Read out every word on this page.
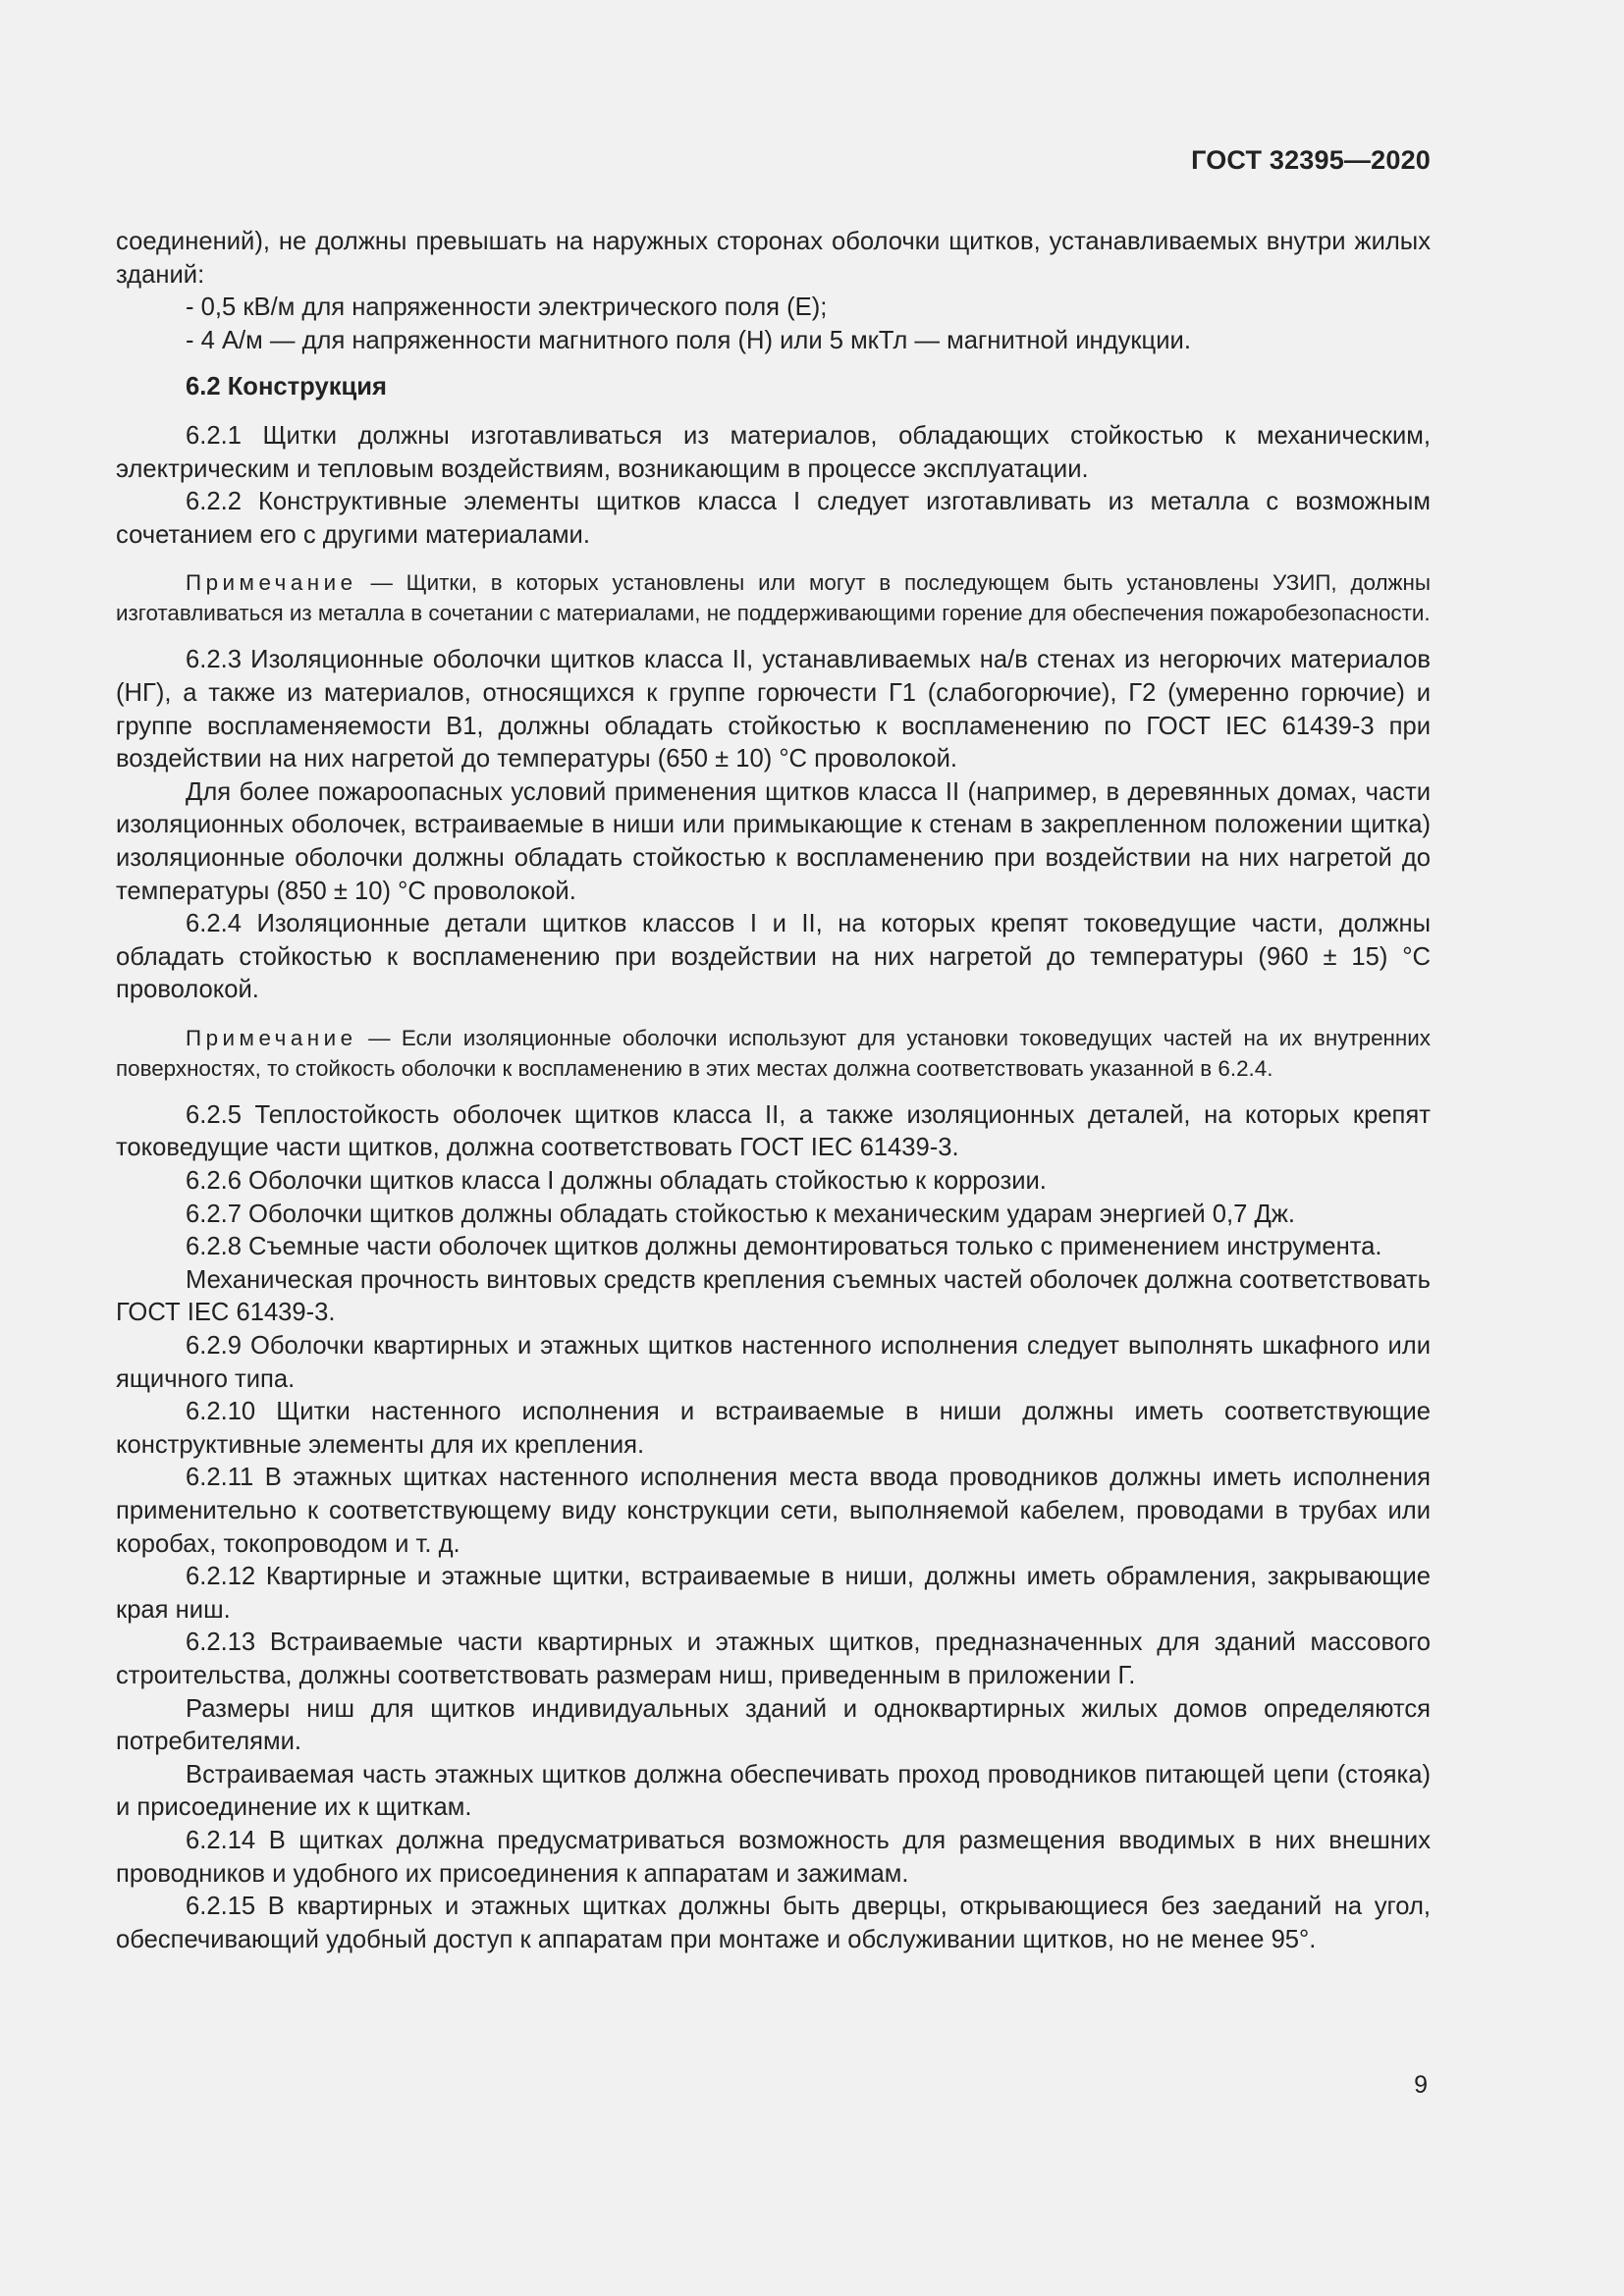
ГОСТ 32395—2020

соединений), не должны превышать на наружных сторонах оболочки щитков, устанавливаемых внутри жилых зданий:

- 0,5 кВ/м для напряженности электрического поля (Е);

- 4 А/м — для напряженности магнитного поля (Н) или 5 мкТл — магнитной индукции.

6.2 Конструкция

6.2.1 Щитки должны изготавливаться из материалов, обладающих стойкостью к механическим, электрическим и тепловым воздействиям, возникающим в процессе эксплуатации.

6.2.2 Конструктивные элементы щитков класса I следует изготавливать из металла с возможным сочетанием его с другими материалами.

Примечание — Щитки, в которых установлены или могут в последующем быть установлены УЗИП, должны изготавливаться из металла в сочетании с материалами, не поддерживающими горение для обеспечения пожаробезопасности.

6.2.3 Изоляционные оболочки щитков класса II, устанавливаемых на/в стенах из негорючих материалов (НГ), а также из материалов, относящихся к группе горючести Г1 (слабогорючие), Г2 (умеренно горючие) и группе воспламеняемости В1, должны обладать стойкостью к воспламенению по ГОСТ IEC 61439-3 при воздействии на них нагретой до температуры (650 ± 10) °С проволокой.

Для более пожароопасных условий применения щитков класса II (например, в деревянных домах, части изоляционных оболочек, встраиваемые в ниши или примыкающие к стенам в закрепленном положении щитка) изоляционные оболочки должны обладать стойкостью к воспламенению при воздействии на них нагретой до температуры (850 ± 10) °С проволокой.

6.2.4 Изоляционные детали щитков классов I и II, на которых крепят токоведущие части, должны обладать стойкостью к воспламенению при воздействии на них нагретой до температуры (960 ± 15) °С проволокой.

Примечание — Если изоляционные оболочки используют для установки токоведущих частей на их внутренних поверхностях, то стойкость оболочки к воспламенению в этих местах должна соответствовать указанной в 6.2.4.

6.2.5 Теплостойкость оболочек щитков класса II, а также изоляционных деталей, на которых крепят токоведущие части щитков, должна соответствовать ГОСТ IEC 61439-3.

6.2.6 Оболочки щитков класса I должны обладать стойкостью к коррозии.

6.2.7 Оболочки щитков должны обладать стойкостью к механическим ударам энергией 0,7 Дж.

6.2.8 Съемные части оболочек щитков должны демонтироваться только с применением инструмента.

Механическая прочность винтовых средств крепления съемных частей оболочек должна соответствовать ГОСТ IEC 61439-3.

6.2.9 Оболочки квартирных и этажных щитков настенного исполнения следует выполнять шкафного или ящичного типа.

6.2.10 Щитки настенного исполнения и встраиваемые в ниши должны иметь соответствующие конструктивные элементы для их крепления.

6.2.11 В этажных щитках настенного исполнения места ввода проводников должны иметь исполнения применительно к соответствующему виду конструкции сети, выполняемой кабелем, проводами в трубах или коробах, токопроводом и т. д.

6.2.12 Квартирные и этажные щитки, встраиваемые в ниши, должны иметь обрамления, закрывающие края ниш.

6.2.13 Встраиваемые части квартирных и этажных щитков, предназначенных для зданий массового строительства, должны соответствовать размерам ниш, приведенным в приложении Г.

Размеры ниш для щитков индивидуальных зданий и одноквартирных жилых домов определяются потребителями.

Встраиваемая часть этажных щитков должна обеспечивать проход проводников питающей цепи (стояка) и присоединение их к щиткам.

6.2.14 В щитках должна предусматриваться возможность для размещения вводимых в них внешних проводников и удобного их присоединения к аппаратам и зажимам.

6.2.15 В квартирных и этажных щитках должны быть дверцы, открывающиеся без заеданий на угол, обеспечивающий удобный доступ к аппаратам при монтаже и обслуживании щитков, но не менее 95°.

9
